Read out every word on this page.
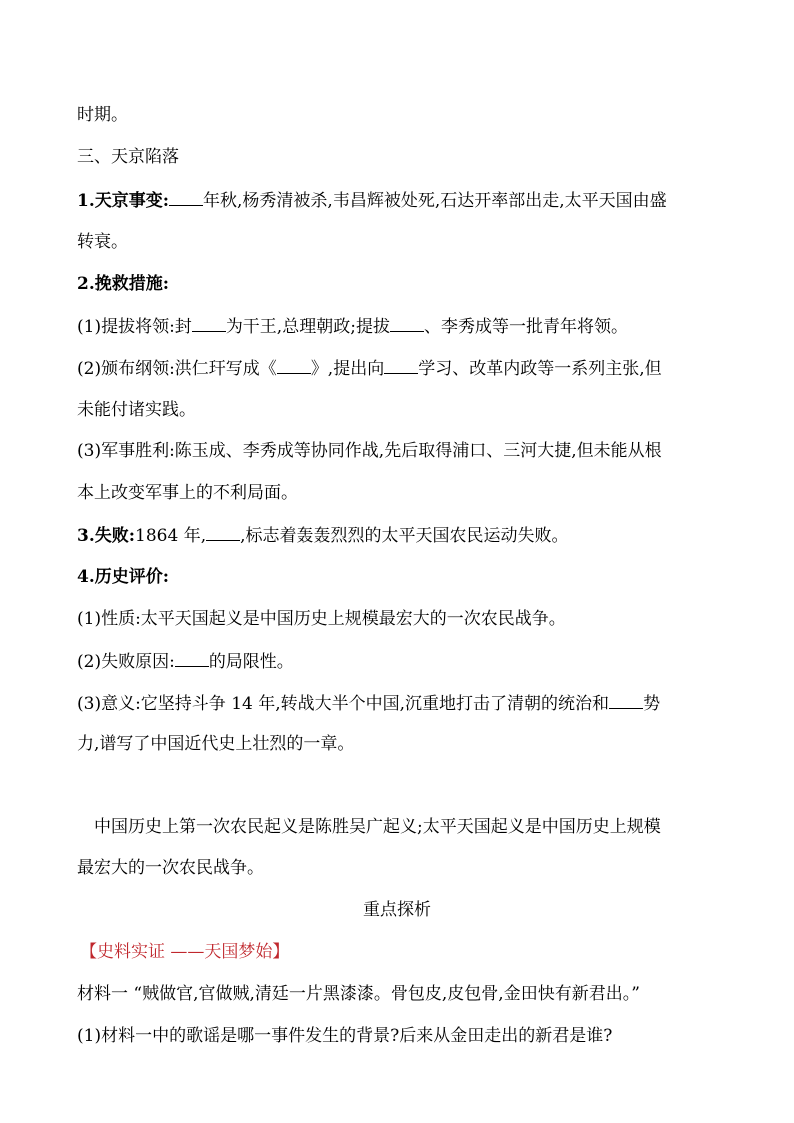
时期。
三、天京陷落
1.天京事变: 年秋,杨秀清被杀,韦昌辉被处死,石达开率部出走,太平天国由盛
转衰。
2.挽救措施:
(1)提拔将领:封 为干王,总理朝政;提拔 、李秀成等一批青年将领。
(2)颁布纲领:洪仁玕写成《 》,提出向 学习、改革内政等一系列主张,但
未能付诸实践。
(3)军事胜利:陈玉成、李秀成等协同作战,先后取得浦口、三河大捷,但未能从根
本上改变军事上的不利局面。
3.失败:1864 年, ,标志着轰轰烈烈的太平天国农民运动失败。
4.历史评价:
(1)性质:太平天国起义是中国历史上规模最宏大的一次农民战争。
(2)失败原因: 的局限性。
(3)意义:它坚持斗争 14 年,转战大半个中国,沉重地打击了清朝的统治和 势
力,谱写了中国近代史上壮烈的一章。
中国历史上第一次农民起义是陈胜吴广起义;太平天国起义是中国历史上规模
最宏大的一次农民战争。
重点探析
【史料实证 ——天国梦始】
材料一 “贼做官,官做贼,清廷一片黑漆漆。骨包皮,皮包骨,金田快有新君出。”
(1)材料一中的歌谣是哪一事件发生的背景?后来从金田走出的新君是谁?
